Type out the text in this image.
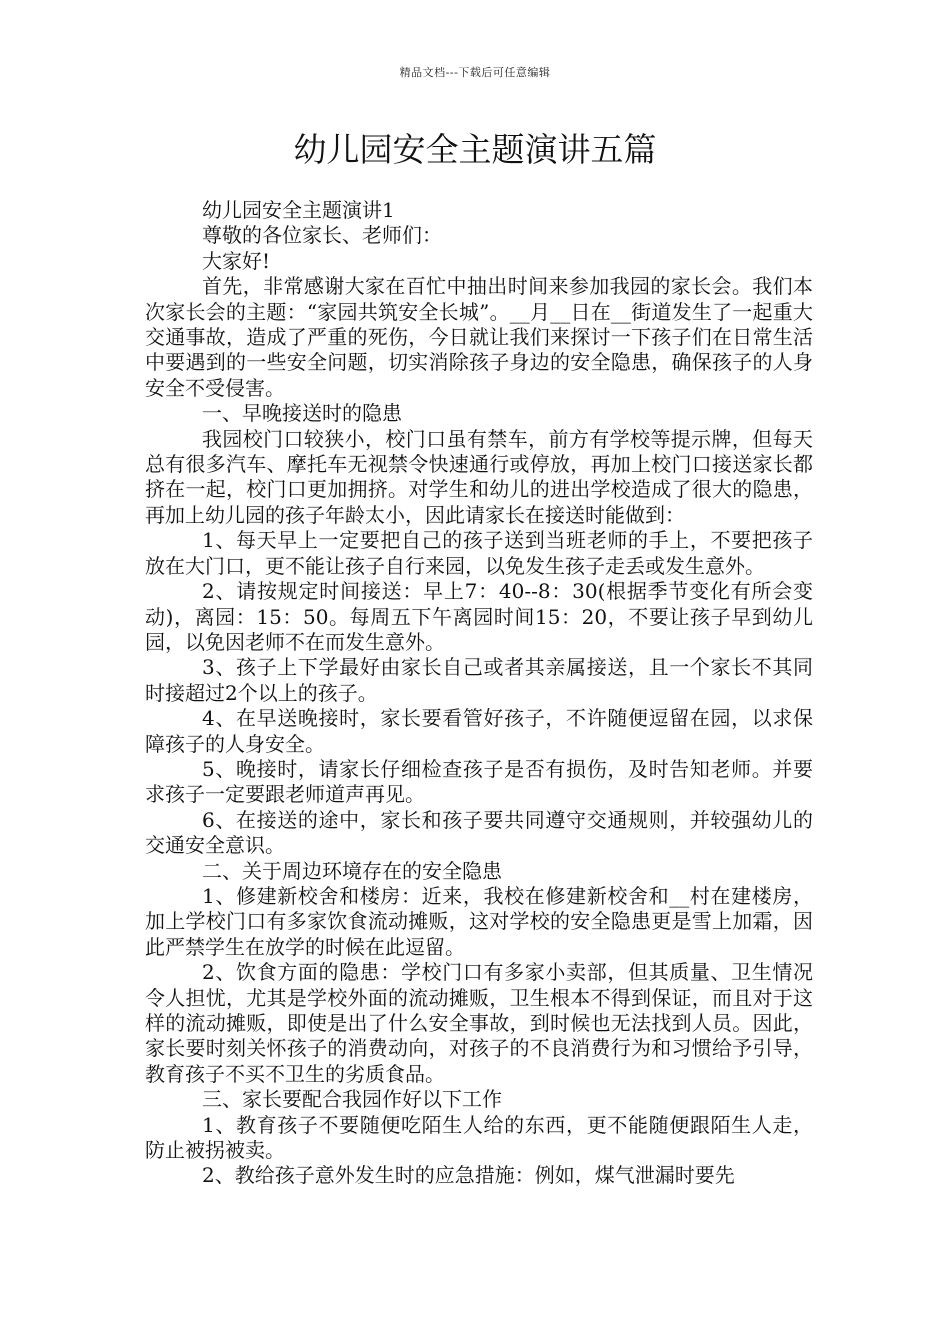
精品文档---下载后可任意编辑
幼儿园安全主题演讲五篇

幼儿园安全主题演讲1

尊敬的各位家长、老师们：

大家好!

首先，非常感谢大家在百忙中抽出时间来参加我园的家长会。我们本次家长会的主题：“家园共筑安全长城”。__月__日在__街道发生了一起重大交通事故，造成了严重的死伤，今日就让我们来探讨一下孩子们在日常生活中要遇到的一些安全问题，切实消除孩子身边的安全隐患，确保孩子的人身安全不受侵害。

一、早晚接送时的隐患

我园校门口较狭小，校门口虽有禁车，前方有学校等提示牌，但每天总有很多汽车、摩托车无视禁令快速通行或停放，再加上校门口接送家长都挤在一起，校门口更加拥挤。对学生和幼儿的进出学校造成了很大的隐患，再加上幼儿园的孩子年龄太小，因此请家长在接送时能做到：

1、每天早上一定要把自己的孩子送到当班老师的手上，不要把孩子放在大门口，更不能让孩子自行来园，以免发生孩子走丢或发生意外。

2、请按规定时间接送：早上7：40--8：30(根据季节变化有所会变动)，离园：15：50。每周五下午离园时间15：20，不要让孩子早到幼儿园，以免因老师不在而发生意外。

3、孩子上下学最好由家长自己或者其亲属接送，且一个家长不其同时接超过2个以上的孩子。

4、在早送晚接时，家长要看管好孩子，不许随便逗留在园，以求保障孩子的人身安全。

5、晚接时，请家长仔细检查孩子是否有损伤，及时告知老师。并要求孩子一定要跟老师道声再见。

6、在接送的途中，家长和孩子要共同遵守交通规则，并较强幼儿的交通安全意识。

二、关于周边环境存在的安全隐患

1、修建新校舍和楼房：近来，我校在修建新校舍和__村在建楼房，加上学校门口有多家饮食流动摊贩，这对学校的安全隐患更是雪上加霜，因此严禁学生在放学的时候在此逗留。

2、饮食方面的隐患：学校门口有多家小卖部，但其质量、卫生情况令人担忧，尤其是学校外面的流动摊贩，卫生根本不得到保证，而且对于这样的流动摊贩，即使是出了什么安全事故，到时候也无法找到人员。因此，家长要时刻关怀孩子的消费动向，对孩子的不良消费行为和习惯给予引导，教育孩子不买不卫生的劣质食品。

三、家长要配合我园作好以下工作

1、教育孩子不要随便吃陌生人给的东西，更不能随便跟陌生人走，防止被拐被卖。

2、教给孩子意外发生时的应急措施：例如，煤气泄漏时要先
